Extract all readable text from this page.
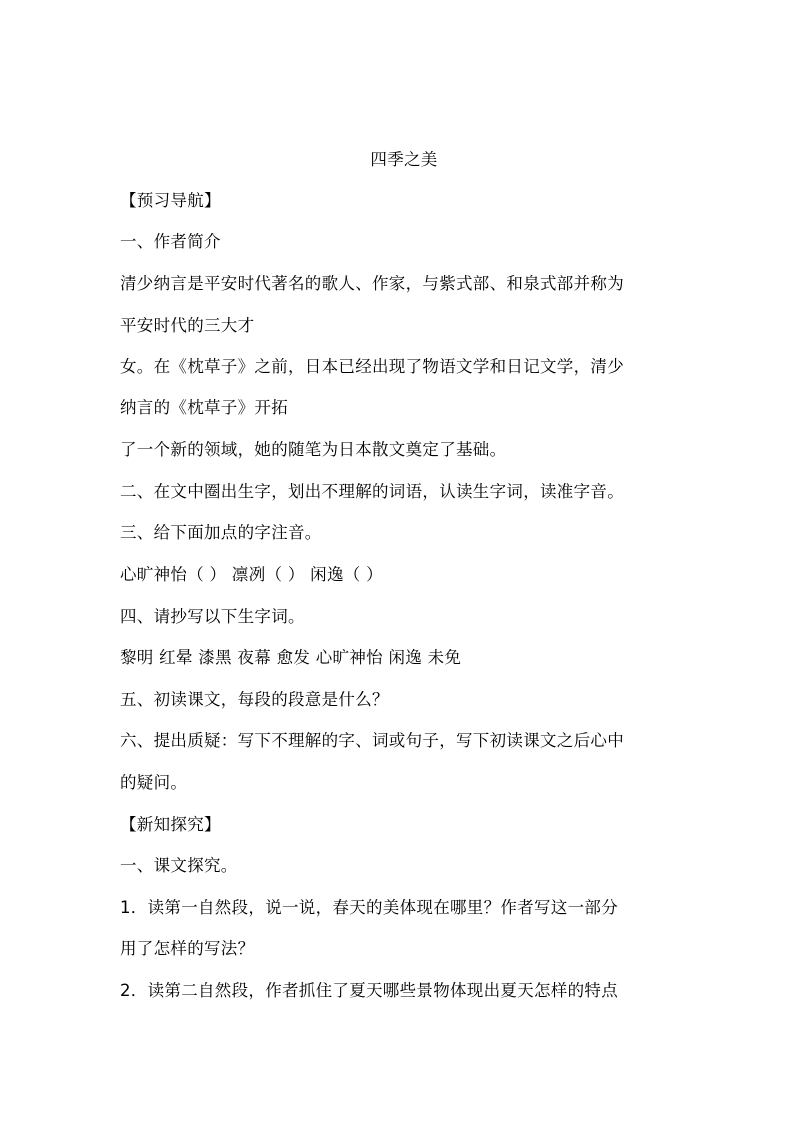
四季之美
【预习导航】
一、作者简介
清少纳言是平安时代著名的歌人、作家，与紫式部、和泉式部并称为
平安时代的三大才
女。在《枕草子》之前，日本已经出现了物语文学和日记文学，清少
纳言的《枕草子》开拓
了一个新的领域，她的随笔为日本散文奠定了基础。
二、在文中圈出生字，划出不理解的词语，认读生字词，读准字音。
三、给下面加点的字注音。
心旷神怡（ ） 凛冽（ ） 闲逸（ ）
四、请抄写以下生字词。
黎明 红晕 漆黑 夜幕 愈发 心旷神怡 闲逸 未免
五、初读课文，每段的段意是什么？
六、提出质疑：写下不理解的字、词或句子，写下初读课文之后心中
的疑问。
【新知探究】
一、课文探究。
1．读第一自然段，说一说，春天的美体现在哪里？作者写这一部分
用了怎样的写法？
2．读第二自然段，作者抓住了夏天哪些景物体现出夏天怎样的特点
